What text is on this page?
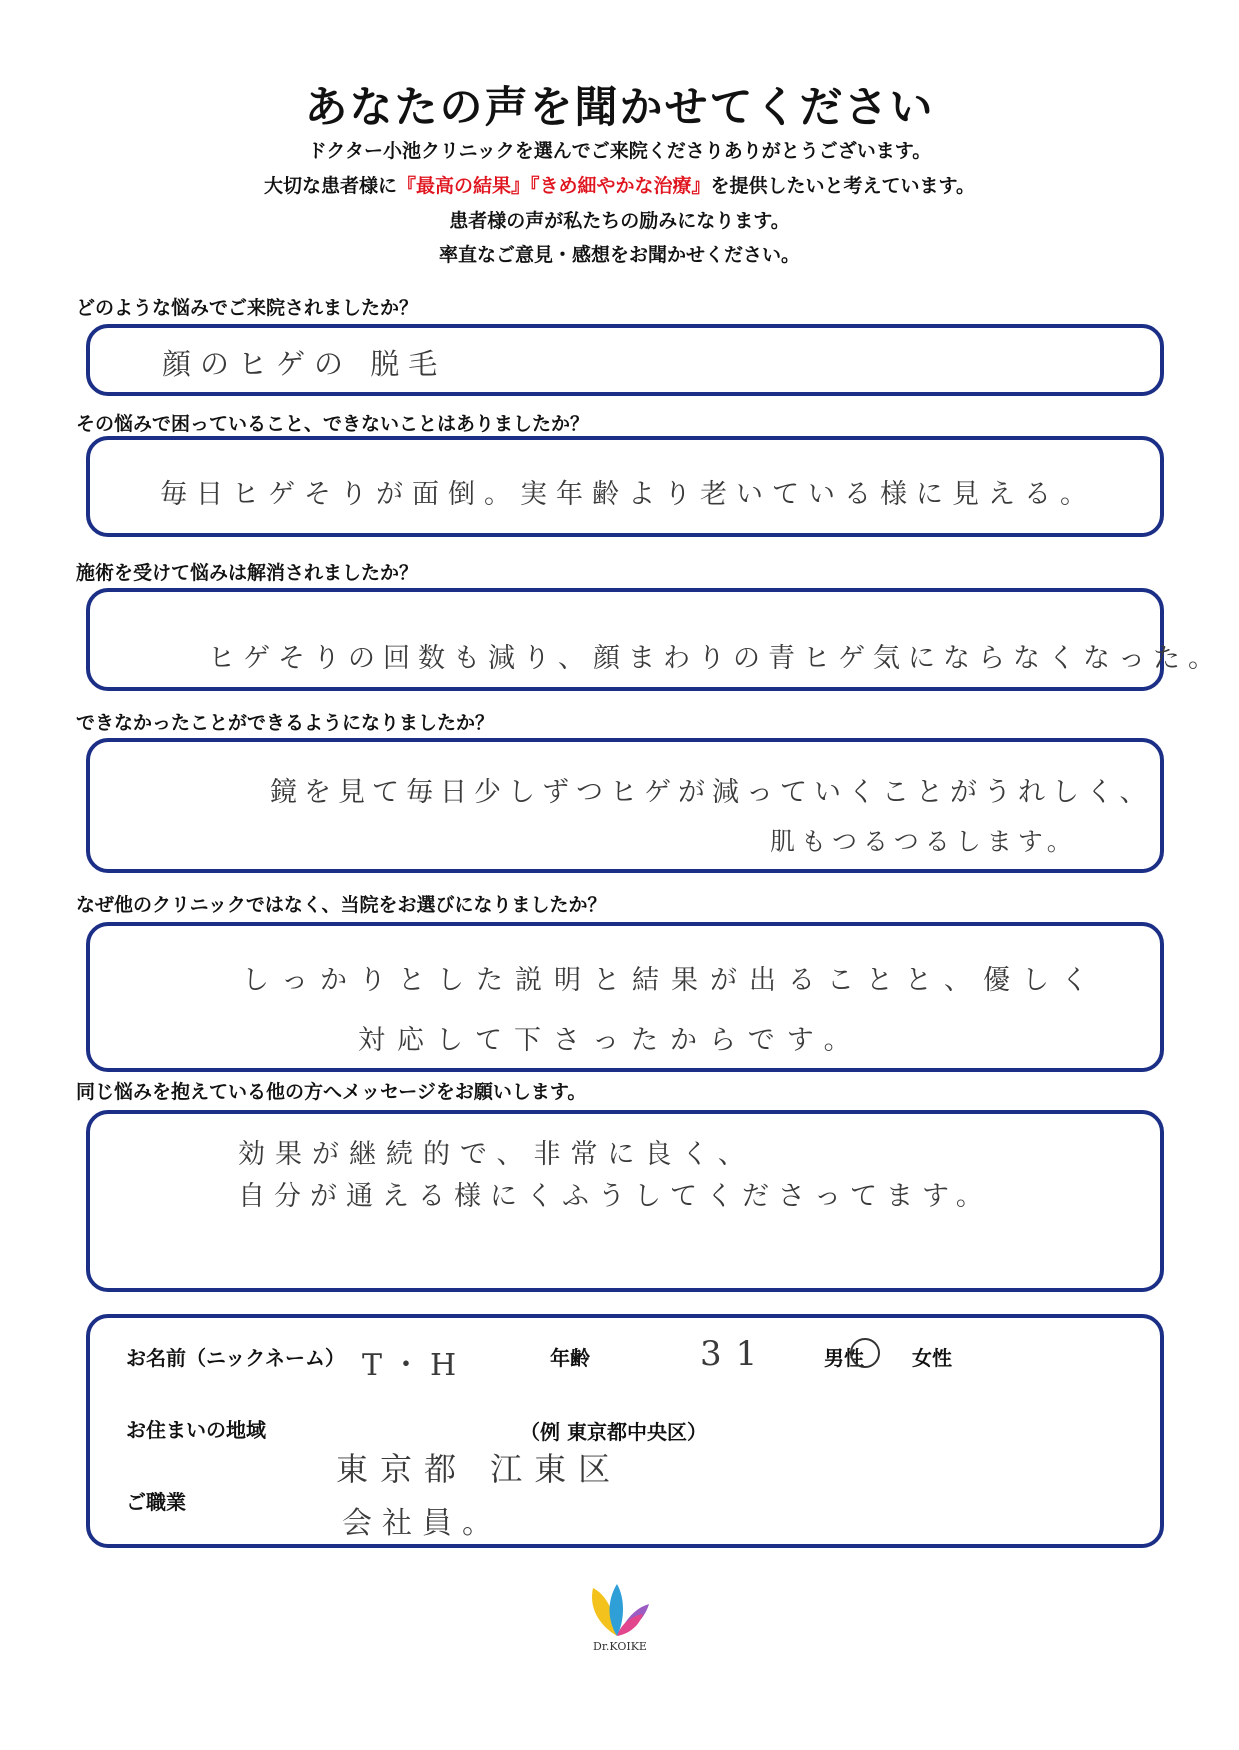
あなたの声を聞かせてください
ドクター小池クリニックを選んでご来院くださりありがとうございます。
大切な患者様に『最高の結果』『きめ細やかな治療』を提供したいと考えています。
患者様の声が私たちの励みになります。
率直なご意見・感想をお聞かせください。
どのような悩みでご来院されましたか？
顔のヒゲの 脱毛
その悩みで困っていること、できないことはありましたか？
毎日ヒゲそりが面倒。実年齢より老いている様に見える。
施術を受けて悩みは解消されましたか？
ヒゲそりの回数も減り、顔まわりの青ヒゲ気にならなくなった。
できなかったことができるようになりましたか？
鏡を見て毎日少しずつヒゲが減っていくことがうれしく、
肌もつるつるします。
なぜ他のクリニックではなく、当院をお選びになりましたか？
しっかりとした説明と結果が出ることと、優しく
対応して下さったからです。
同じ悩みを抱えている他の方へメッセージをお願いします。
効果が継続的で、非常に良く、
自分が通える様にくふうしてくださってます。
お名前（ニックネーム） T・H	年齢	31	男性 女性
お住まいの地域	（例 東京都中央区）
東京都 江東区
ご職業
会社員。
Dr.KOIKE
